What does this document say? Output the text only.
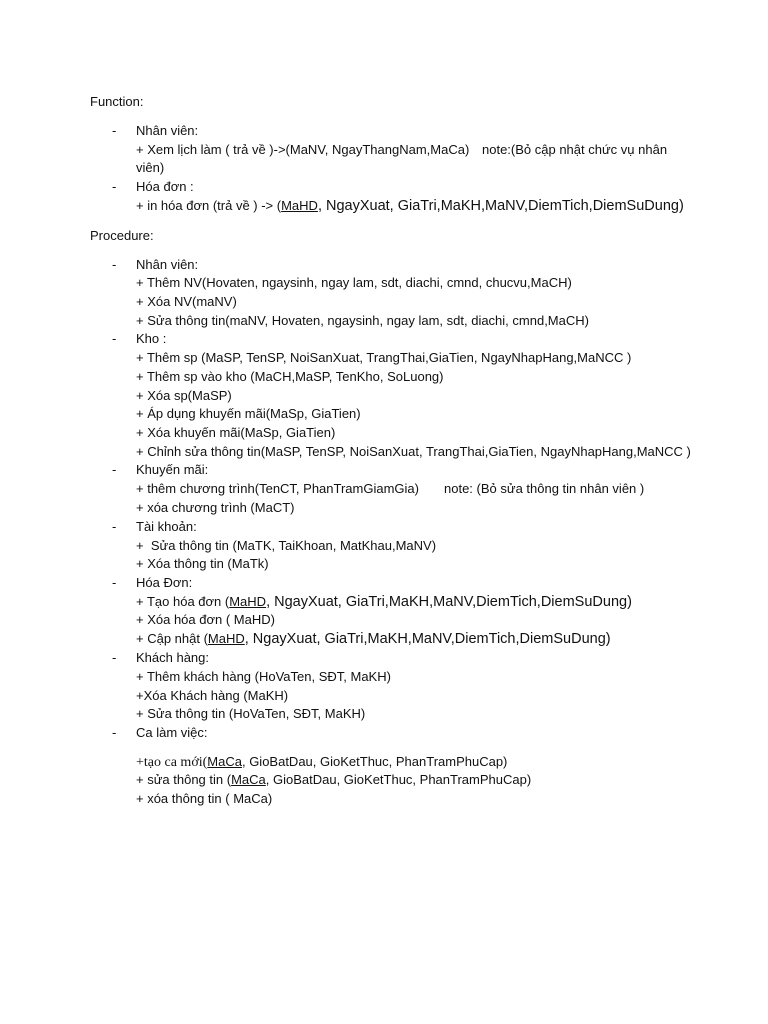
Function:
-	Nhân viên:
+ Xem lịch làm ( trả về )->(MaNV, NgayThangNam,MaCa) note:(Bỏ cập nhật chức vụ nhân
viên)
-	Hóa đơn :
+ in hóa đơn (trả về ) -> (MaHD, NgayXuat, GiaTri,MaKH,MaNV,DiemTich,DiemSuDung)
Procedure:
-	Nhân viên:
+ Thêm NV(Hovaten, ngaysinh, ngay lam, sdt, diachi, cmnd, chucvu,MaCH)
+ Xóa NV(maNV)
+ Sửa thông tin(maNV, Hovaten, ngaysinh, ngay lam, sdt, diachi, cmnd,MaCH)
-	Kho :
+ Thêm sp (MaSP, TenSP, NoiSanXuat, TrangThai,GiaTien, NgayNhapHang,MaNCC )
+ Thêm sp vào kho (MaCH,MaSP, TenKho, SoLuong)
+ Xóa sp(MaSP)
+ Áp dụng khuyến mãi(MaSp, GiaTien)
+ Xóa khuyến mãi(MaSp, GiaTien)
+ Chỉnh sửa thông tin(MaSP, TenSP, NoiSanXuat, TrangThai,GiaTien, NgayNhapHang,MaNCC )
-	Khuyến mãi:
+ thêm chương trình(TenCT, PhanTramGiamGia) note: (Bỏ sửa thông tin nhân viên )
+ xóa chương trình (MaCT)
-	Tài khoản:
+  Sửa thông tin (MaTK, TaiKhoan, MatKhau,MaNV)
+ Xóa thông tin (MaTk)
-	Hóa Đơn:
+ Tạo hóa đơn (MaHD, NgayXuat, GiaTri,MaKH,MaNV,DiemTich,DiemSuDung)
+ Xóa hóa đơn ( MaHD)
+ Cập nhật (MaHD, NgayXuat, GiaTri,MaKH,MaNV,DiemTich,DiemSuDung)
-	Khách hàng:
+ Thêm khách hàng (HoVaTen, SĐT, MaKH)
+Xóa Khách hàng (MaKH)
+ Sửa thông tin (HoVaTen, SĐT, MaKH)
-	Ca làm việc:
+tạo ca mới(MaCa, GioBatDau, GioKetThuc, PhanTramPhuCap)
+ sửa thông tin (MaCa, GioBatDau, GioKetThuc, PhanTramPhuCap)
+ xóa thông tin ( MaCa)
